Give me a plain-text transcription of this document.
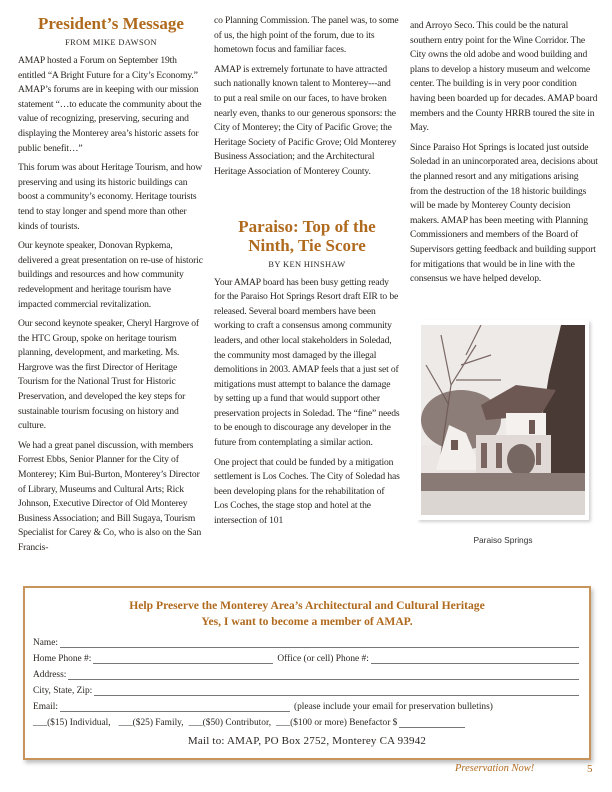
President’s Message
FROM MIKE DAWSON

AMAP hosted a Forum on September 19th entitled “A Bright Future for a City’s Economy.” AMAP’s forums are in keeping with our mission statement “…to educate the community about the value of recognizing, preserving, securing and displaying the Monterey area’s historic assets for public benefit…”

This forum was about Heritage Tourism, and how preserving and using its historic buildings can boost a community’s economy. Heritage tourists tend to stay longer and spend more than other kinds of tourists.

Our keynote speaker, Donovan Rypkema, delivered a great presentation on re-use of historic buildings and resources and how community redevelopment and heritage tourism have impacted commercial revitalization.

Our second keynote speaker, Cheryl Hargrove of the HTC Group, spoke on heritage tourism planning, development, and marketing. Ms. Hargrove was the first Director of Heritage Tourism for the National Trust for Historic Preservation, and developed the key steps for sustainable tourism focusing on history and culture.

We had a great panel discussion, with members Forrest Ebbs, Senior Planner for the City of Monterey; Kim Bui-Burton, Monterey’s Director of Library, Museums and Cultural Arts; Rick Johnson, Executive Director of Old Monterey Business Association; and Bill Sugaya, Tourism Specialist for Carey & Co, who is also on the San Francis-

co Planning Commission. The panel was, to some of us, the high point of the forum, due to its hometown focus and familiar faces.

AMAP is extremely fortunate to have attracted such nationally known talent to Monterey---and to put a real smile on our faces, to have broken nearly even, thanks to our generous sponsors: the City of Monterey; the City of Pacific Grove; the Heritage Society of Pacific Grove; Old Monterey Business Association; and the Architectural Heritage Association of Monterey County.

Paraiso: Top of the Ninth, Tie Score
BY KEN HINSHAW

Your AMAP board has been busy getting ready for the Paraiso Hot Springs Resort draft EIR to be released. Several board members have been working to craft a consensus among community leaders, and other local stakeholders in Soledad, the community most damaged by the illegal demolitions in 2003. AMAP feels that a just set of mitigations must attempt to balance the damage by setting up a fund that would support other preservation projects in Soledad. The “fine” needs to be enough to discourage any developer in the future from contemplating a similar action.

One project that could be funded by a mitigation settlement is Los Coches. The City of Soledad has been developing plans for the rehabilitation of Los Coches, the stage stop and hotel at the intersection of 101

and Arroyo Seco. This could be the natural southern entry point for the Wine Corridor. The City owns the old adobe and wood building and plans to develop a history museum and welcome center. The building is in very poor condition having been boarded up for decades. AMAP board members and the County HRRB toured the site in May.

Since Paraiso Hot Springs is located just outside Soledad in an unincorporated area, decisions about the planned resort and any mitigations arising from the destruction of the 18 historic buildings will be made by Monterey County decision makers. AMAP has been meeting with Planning Commissioners and members of the Board of Supervisors getting feedback and building support for mitigations that would be in line with the consensus we have helped develop.

Paraiso Springs
Help Preserve the Monterey Area’s Architectural and Cultural Heritage
Yes, I want to become a member of AMAP.
Name:
Home Phone #:	Office (or cell) Phone #:
Address:
City, State, Zip:
Email:	(please include your email for preservation bulletins)
___($15) Individual, ___($25) Family, ___($50) Contributor, ___($100 or more) Benefactor $
Mail to: AMAP, PO Box 2752, Monterey CA 93942
Preservation Now!	5
